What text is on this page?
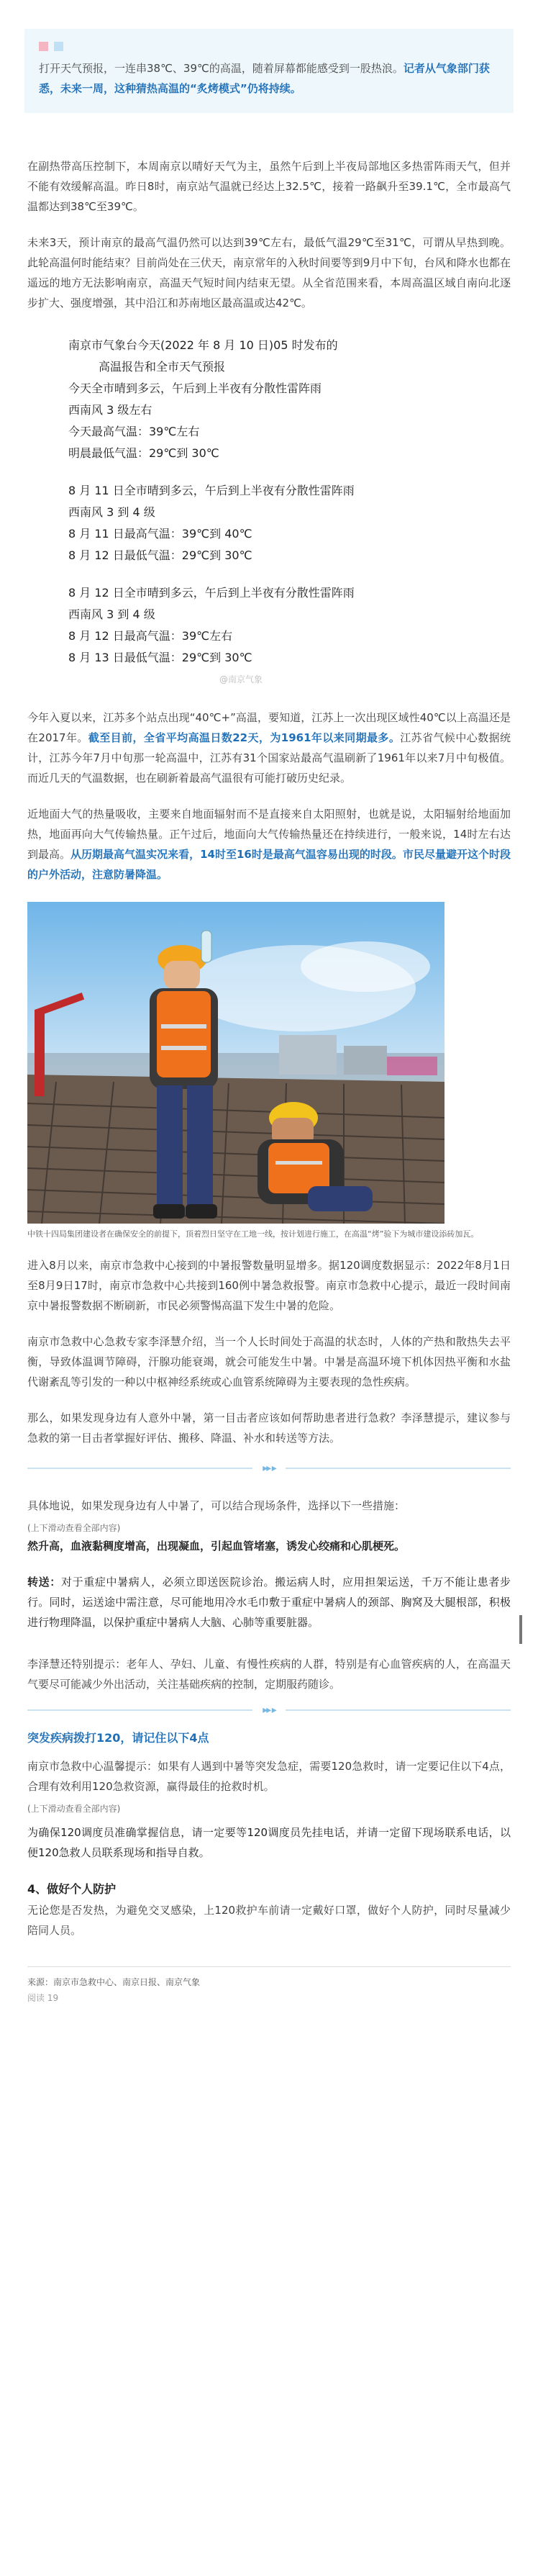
打开天气预报，一连串38℃、39℃的高温，随着屏幕都能感受到一股热浪。记者从气象部门获悉，未来一周，这种猜热高温的“炙烤模式”仍将持续。

在副热带高压控制下，本周南京以晴好天气为主，虽然午后到上半夜局部地区多热雷阵雨天气，但并不能有效缓解高温。昨日8时，南京站气温就已经达上32.5℃，接着一路飙升至39.1℃，全市最高气温都达到38℃至39℃。

未来3天，预计南京的最高气温仍然可以达到39℃左右，最低气温29℃至31℃，可谓从早热到晚。此轮高温何时能结束？目前尚处在三伏天，南京常年的入秋时间要等到9月中下旬，台风和降水也都在遥远的地方无法影响南京，高温天气短时间内结束无望。从全省范围来看，本周高温区域自南向北逐步扩大、强度增强，其中沿江和苏南地区最高温或达42℃。

南京市气象台今天(2022 年 8 月 10 日)05 时发布的
高温报告和全市天气预报
今天全市晴到多云，午后到上半夜有分散性雷阵雨
西南风 3 级左右
今天最高气温：39℃左右
明晨最低气温：29℃到 30℃
8 月 11 日全市晴到多云，午后到上半夜有分散性雷阵雨
西南风 3 到 4 级
8 月 11 日最高气温：39℃到 40℃
8 月 12 日最低气温：29℃到 30℃
8 月 12 日全市晴到多云，午后到上半夜有分散性雷阵雨
西南风 3 到 4 级
8 月 12 日最高气温：39℃左右
8 月 13 日最低气温：29℃到 30℃
@南京气象

今年入夏以来，江苏多个站点出现“40℃+”高温，要知道，江苏上一次出现区域性40℃以上高温还是在2017年。截至目前，全省平均高温日数22天，为1961年以来同期最多。江苏省气候中心数据统计，江苏今年7月中旬那一轮高温中，江苏有31个国家站最高气温刷新了1961年以来7月中旬极值。而近几天的气温数据，也在刷新着最高气温很有可能打破历史纪录。

近地面大气的热量吸收，主要来自地面辐射而不是直接来自太阳照射，也就是说，太阳辐射给地面加热，地面再向大气传输热量。正午过后，地面向大气传输热量还在持续进行，一般来说，14时左右达到最高。从历期最高气温实况来看，14时至16时是最高气温容易出现的时段。市民尽量避开这个时段的户外活动，注意防暑降温。

中铁十四局集团建设者在确保安全的前提下，顶着烈日坚守在工地一线，按计划进行施工，在高温“烤”验下为城市建设添砖加瓦。

进入8月以来，南京市急救中心接到的中暑报警数量明显增多。据120调度数据显示：2022年8月1日至8月9日17时，南京市急救中心共接到160例中暑急救报警。南京市急救中心提示，最近一段时间南京中暑报警数据不断刷新，市民必须警惕高温下发生中暑的危险。

南京市急救中心急救专家李泽慧介绍，当一个人长时间处于高温的状态时，人体的产热和散热失去平衡，导致体温调节障碍，汗腺功能衰竭，就会可能发生中暑。中暑是高温环境下机体因热平衡和水盐代谢紊乱等引发的一种以中枢神经系统或心血管系统障碍为主要表现的急性疾病。

那么，如果发现身边有人意外中暑，第一目击者应该如何帮助患者进行急救？李泽慧提示，建议参与急救的第一目击者掌握好评估、搬移、降温、补水和转送等方法。

▸▸ ▸

具体地说，如果发现身边有人中暑了，可以结合现场条件，选择以下一些措施：

(上下滑动查看全部内容)

然升高，血液黏稠度增高，出现凝血，引起血管堵塞，诱发心绞痛和心肌梗死。

转送：对于重症中暑病人，必须立即送医院诊治。搬运病人时，应用担架运送，千万不能让患者步行。同时，运送途中需注意，尽可能地用冷水毛巾敷于重症中暑病人的颈部、胸窝及大腿根部，积极进行物理降温，以保护重症中暑病人大脑、心肺等重要脏器。

李泽慧还特别提示：老年人、孕妇、儿童、有慢性疾病的人群，特别是有心血管疾病的人，在高温天气要尽可能减少外出活动，关注基础疾病的控制，定期服药随诊。

▸▸ ▸
突发疾病拨打120，请记住以下4点

南京市急救中心温馨提示：如果有人遇到中暑等突发急症，需要120急救时，请一定要记住以下4点，合理有效利用120急救资源，赢得最佳的抢救时机。

(上下滑动查看全部内容)

为确保120调度员准确掌握信息，请一定要等120调度员先挂电话，并请一定留下现场联系电话，以便120急救人员联系现场和指导自救。

4、做好个人防护

无论您是否发热，为避免交叉感染，上120救护车前请一定戴好口罩，做好个人防护，同时尽量减少陪同人员。

来源：南京市急救中心、南京日报、南京气象
阅读 19
